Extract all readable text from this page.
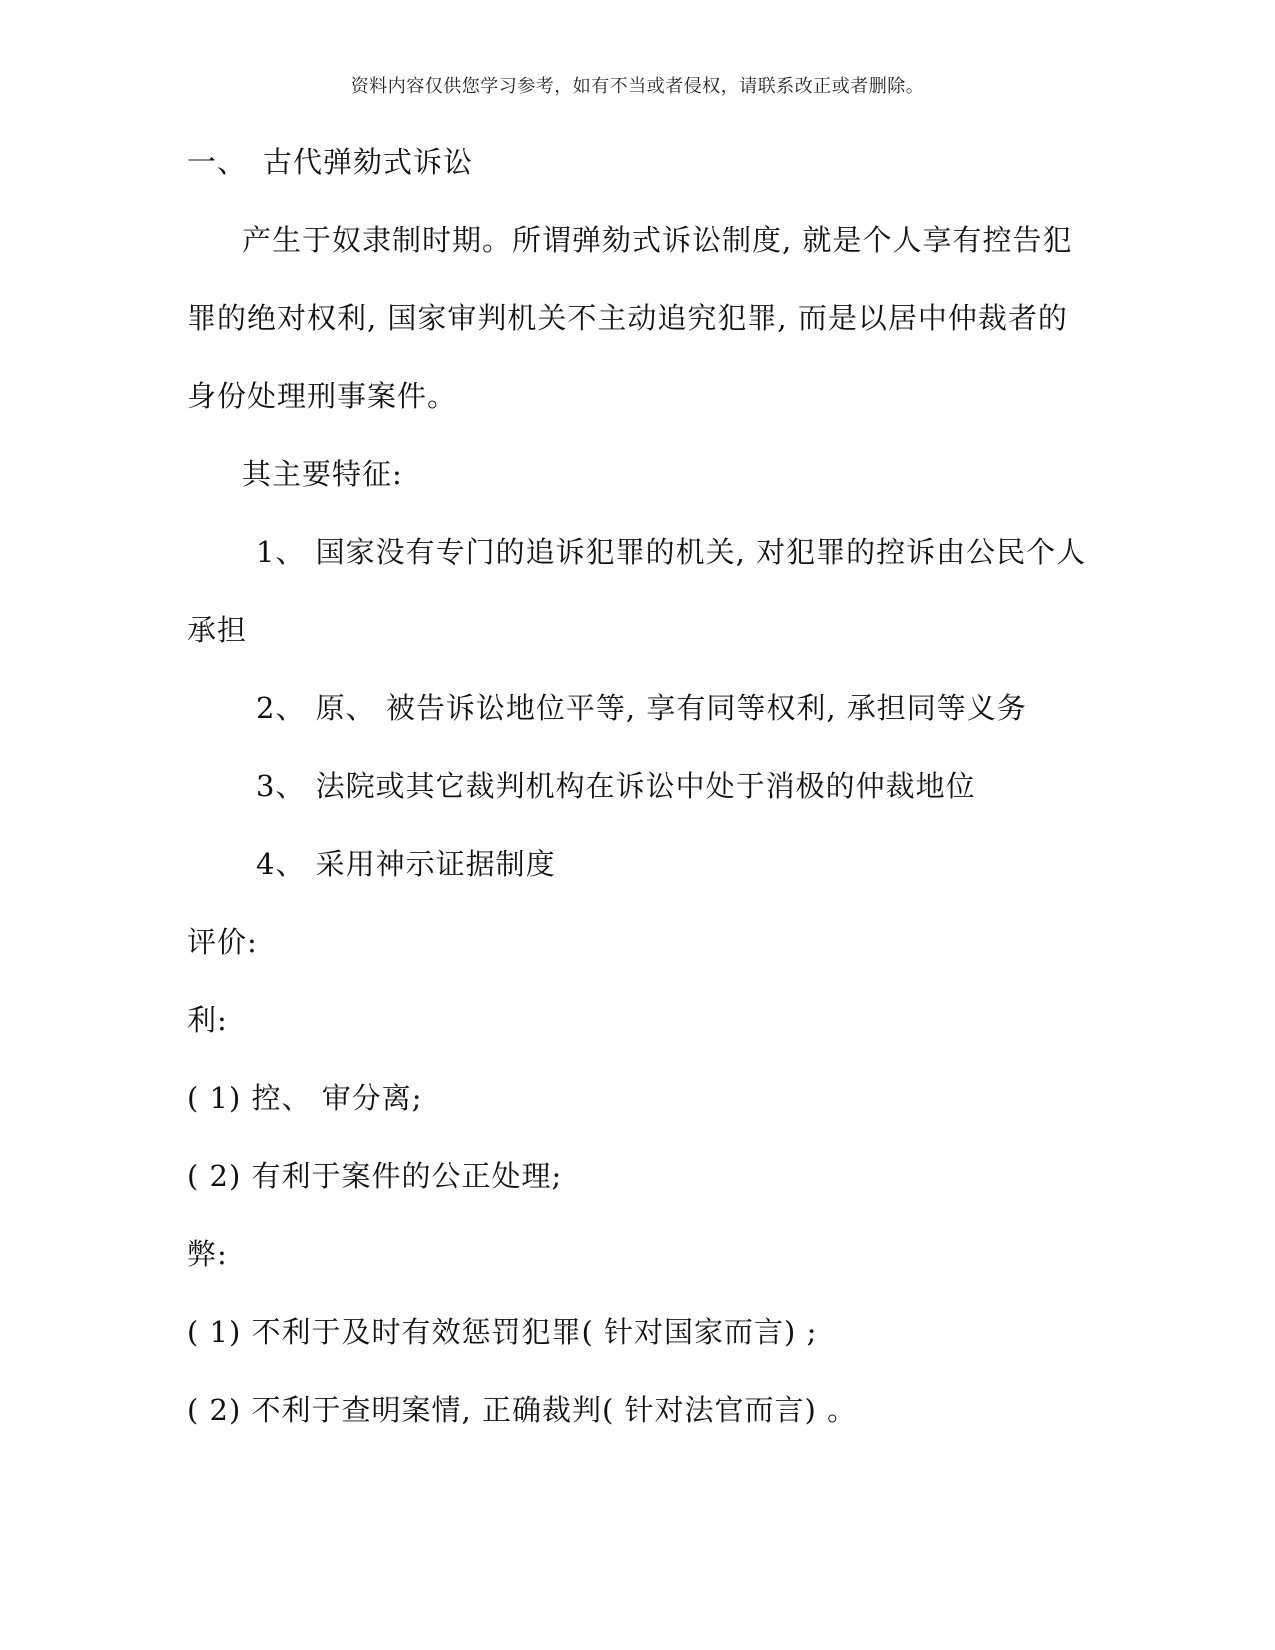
资料内容仅供您学习参考，如有不当或者侵权，请联系改正或者删除。
一、 古代弹劾式诉讼
产生于奴隶制时期。所谓弹劾式诉讼制度, 就是个人享有控告犯
罪的绝对权利, 国家审判机关不主动追究犯罪, 而是以居中仲裁者的
身份处理刑事案件。
其主要特征:
1、 国家没有专门的追诉犯罪的机关, 对犯罪的控诉由公民个人
承担
2、 原、 被告诉讼地位平等, 享有同等权利, 承担同等义务
3、 法院或其它裁判机构在诉讼中处于消极的仲裁地位
4、 采用神示证据制度
评价:
利:
( 1) 控、 审分离;
( 2) 有利于案件的公正处理;
弊:
( 1) 不利于及时有效惩罚犯罪( 针对国家而言) ;
( 2) 不利于查明案情, 正确裁判( 针对法官而言) 。
